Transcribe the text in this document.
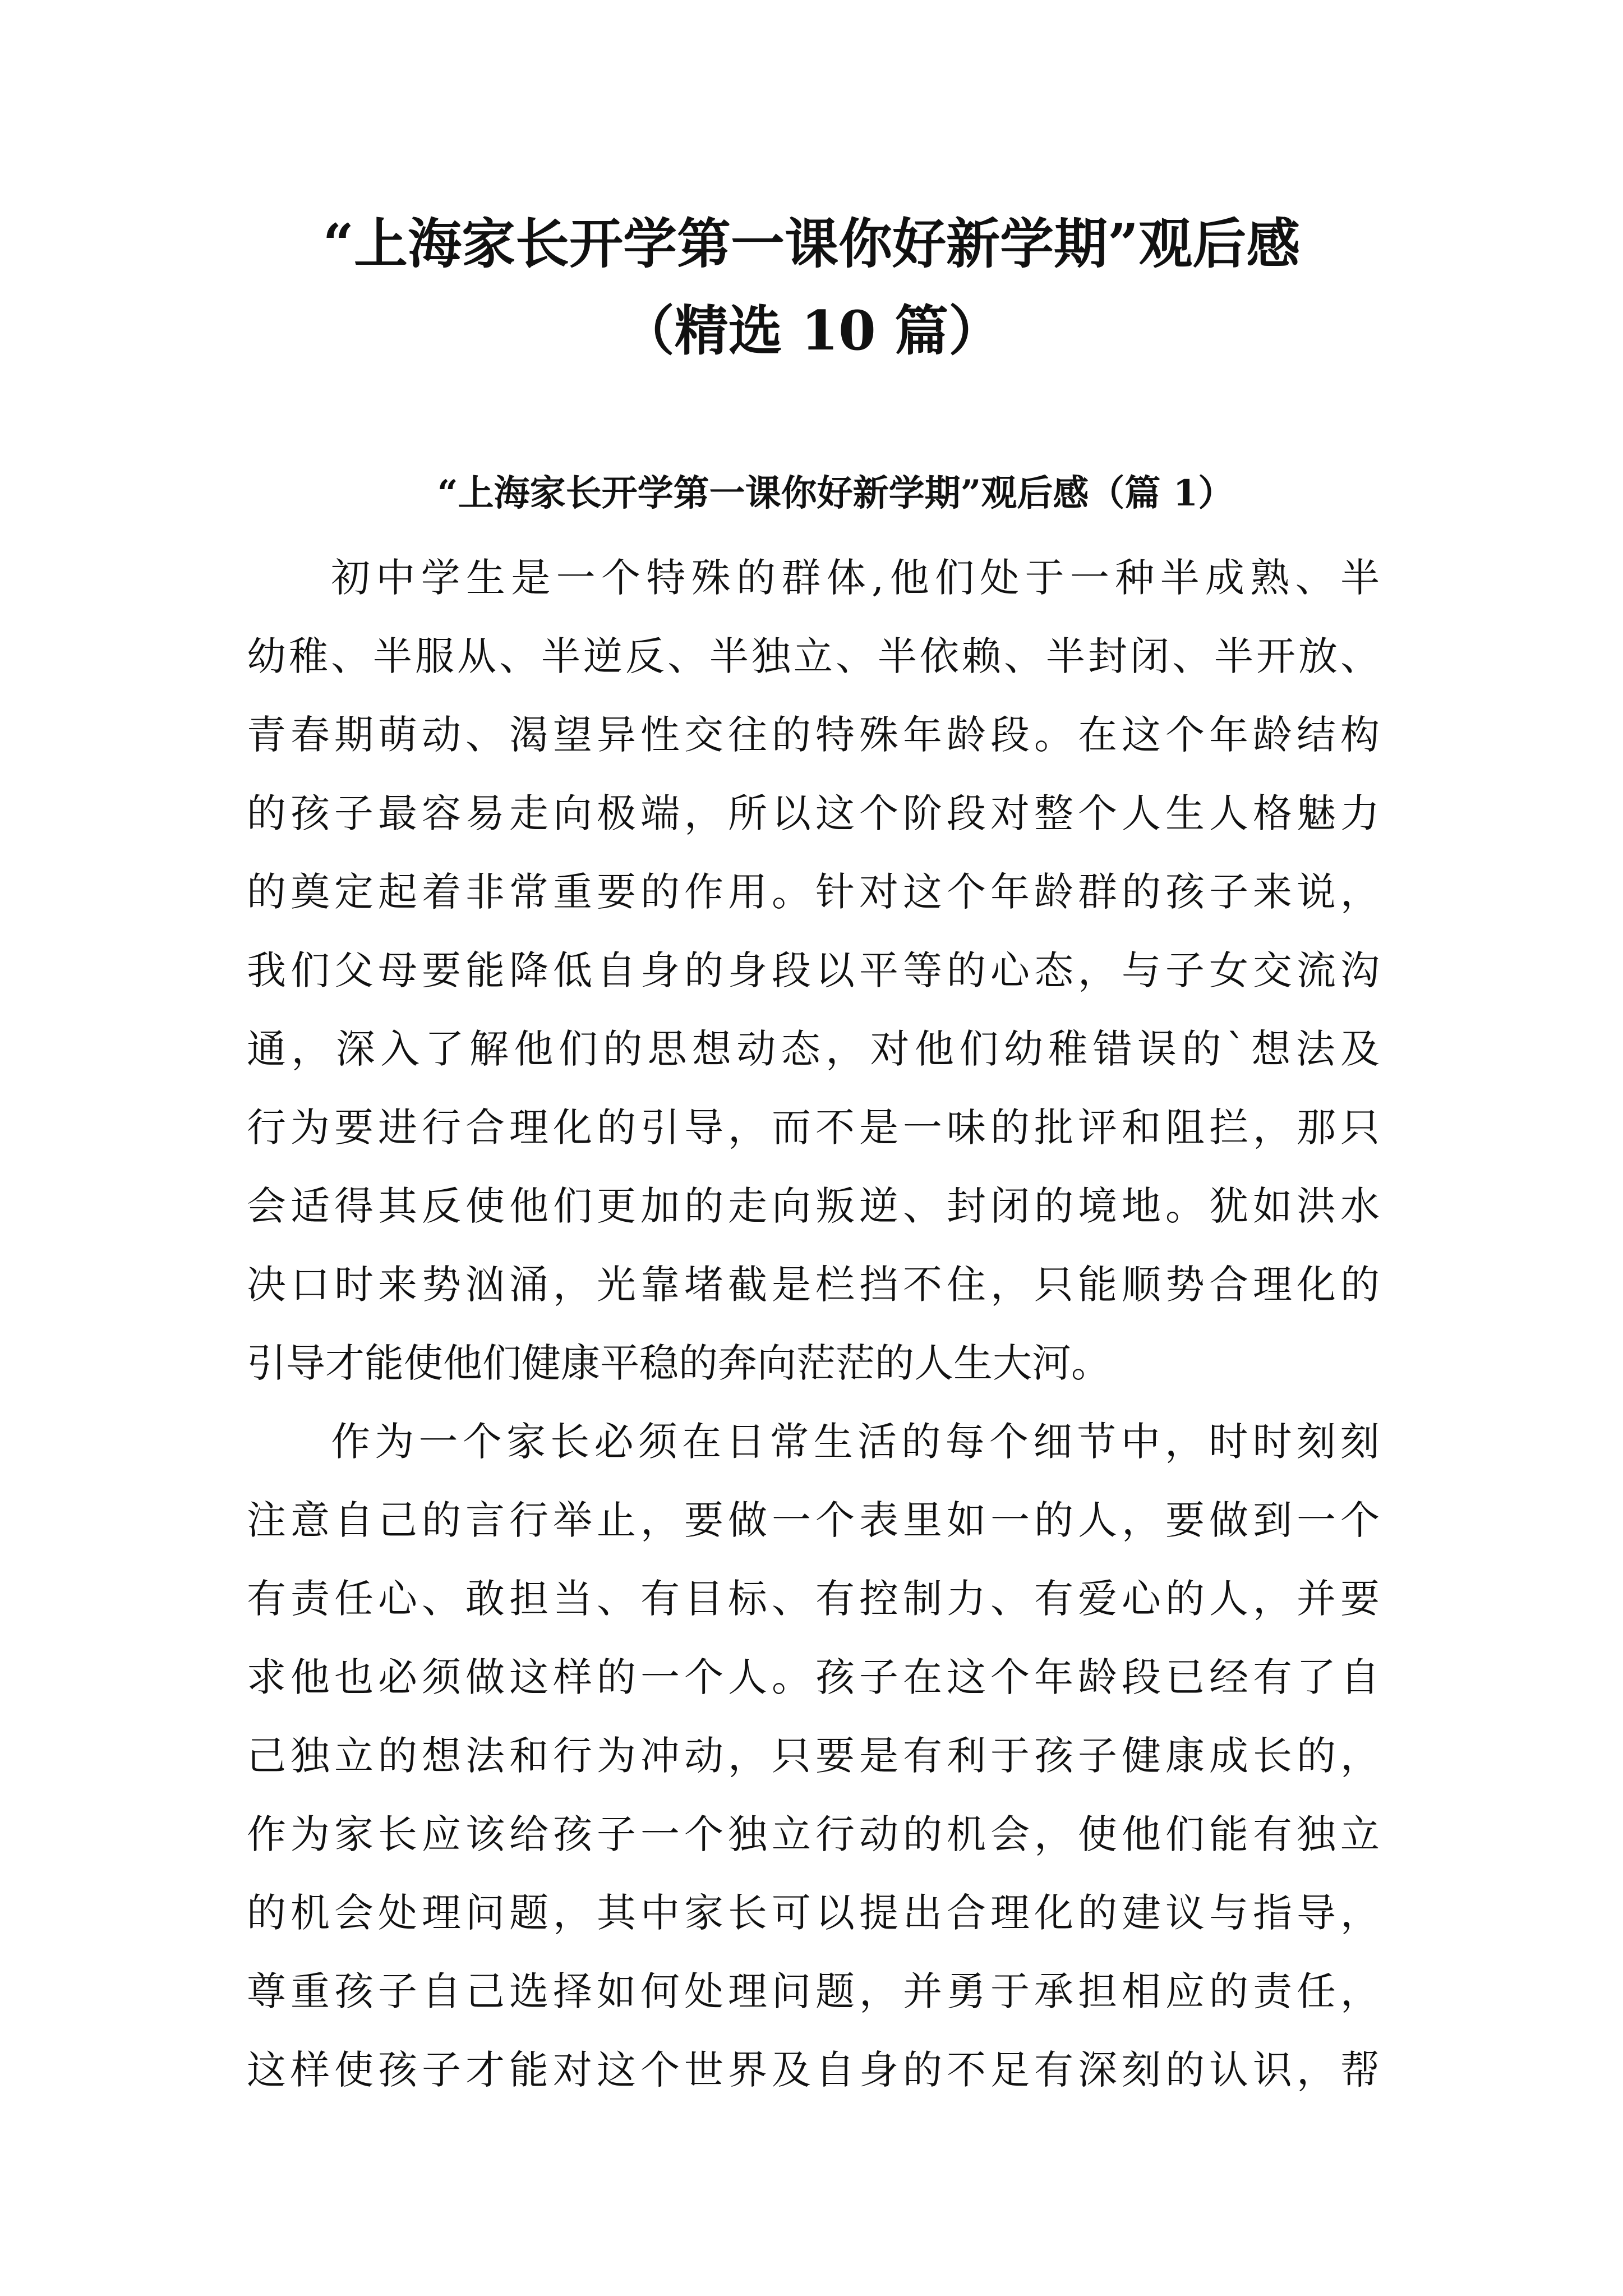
“上海家长开学第一课你好新学期”观后感
（精选 10 篇）
“上海家长开学第一课你好新学期”观后感（篇 1）

初中学生是一个特殊的群体,他们处于一种半成熟、半

幼稚、半服从、半逆反、半独立、半依赖、半封闭、半开放、

青春期萌动、渴望异性交往的特殊年龄段。在这个年龄结构

的孩子最容易走向极端，所以这个阶段对整个人生人格魅力

的奠定起着非常重要的作用。针对这个年龄群的孩子来说，

我们父母要能降低自身的身段以平等的心态，与子女交流沟

通，深入了解他们的思想动态，对他们幼稚错误的`想法及

行为要进行合理化的引导，而不是一味的批评和阻拦，那只

会适得其反使他们更加的走向叛逆、封闭的境地。犹如洪水

决口时来势汹涌，光靠堵截是栏挡不住，只能顺势合理化的

引导才能使他们健康平稳的奔向茫茫的人生大河。

作为一个家长必须在日常生活的每个细节中，时时刻刻

注意自己的言行举止，要做一个表里如一的人，要做到一个

有责任心、敢担当、有目标、有控制力、有爱心的人，并要

求他也必须做这样的一个人。孩子在这个年龄段已经有了自

己独立的想法和行为冲动，只要是有利于孩子健康成长的，

作为家长应该给孩子一个独立行动的机会，使他们能有独立

的机会处理问题，其中家长可以提出合理化的建议与指导，

尊重孩子自己选择如何处理问题，并勇于承担相应的责任，

这样使孩子才能对这个世界及自身的不足有深刻的认识，帮
